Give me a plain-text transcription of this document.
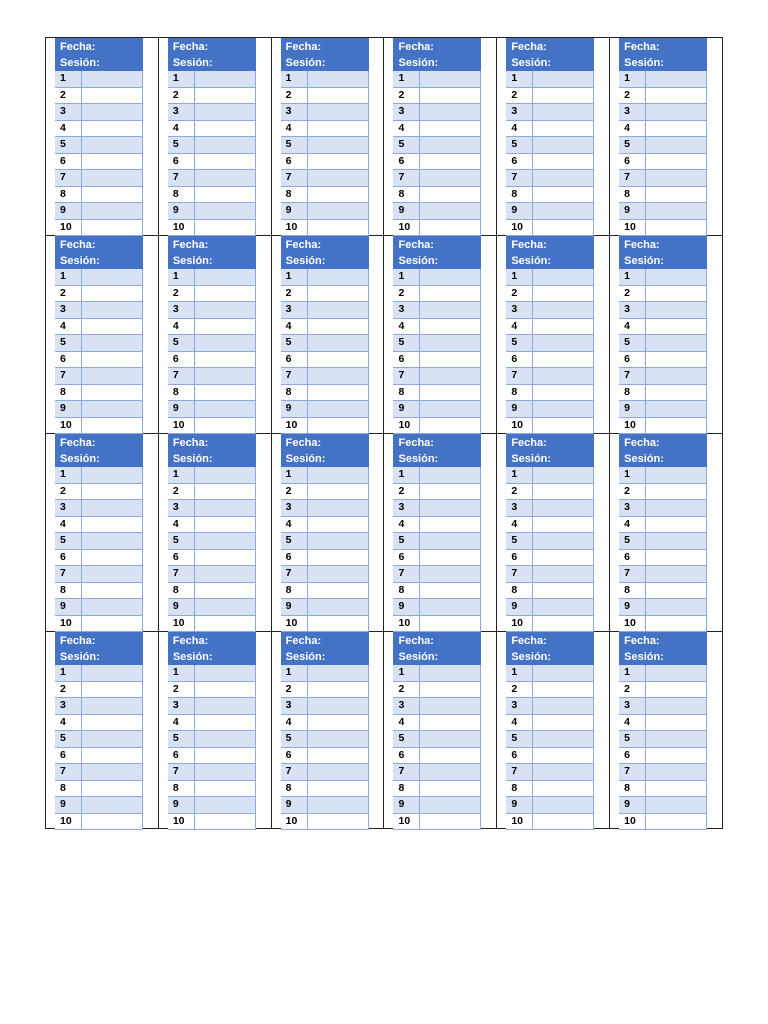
Fecha:
Sesión:
1
2
3
4
5
6
7
8
9
10
Fecha:
Sesión:
1
2
3
4
5
6
7
8
9
10
Fecha:
Sesión:
1
2
3
4
5
6
7
8
9
10
Fecha:
Sesión:
1
2
3
4
5
6
7
8
9
10
Fecha:
Sesión:
1
2
3
4
5
6
7
8
9
10
Fecha:
Sesión:
1
2
3
4
5
6
7
8
9
10
Fecha:
Sesión:
1
2
3
4
5
6
7
8
9
10
Fecha:
Sesión:
1
2
3
4
5
6
7
8
9
10
Fecha:
Sesión:
1
2
3
4
5
6
7
8
9
10
Fecha:
Sesión:
1
2
3
4
5
6
7
8
9
10
Fecha:
Sesión:
1
2
3
4
5
6
7
8
9
10
Fecha:
Sesión:
1
2
3
4
5
6
7
8
9
10
Fecha:
Sesión:
1
2
3
4
5
6
7
8
9
10
Fecha:
Sesión:
1
2
3
4
5
6
7
8
9
10
Fecha:
Sesión:
1
2
3
4
5
6
7
8
9
10
Fecha:
Sesión:
1
2
3
4
5
6
7
8
9
10
Fecha:
Sesión:
1
2
3
4
5
6
7
8
9
10
Fecha:
Sesión:
1
2
3
4
5
6
7
8
9
10
Fecha:
Sesión:
1
2
3
4
5
6
7
8
9
10
Fecha:
Sesión:
1
2
3
4
5
6
7
8
9
10
Fecha:
Sesión:
1
2
3
4
5
6
7
8
9
10
Fecha:
Sesión:
1
2
3
4
5
6
7
8
9
10
Fecha:
Sesión:
1
2
3
4
5
6
7
8
9
10
Fecha:
Sesión:
1
2
3
4
5
6
7
8
9
10
